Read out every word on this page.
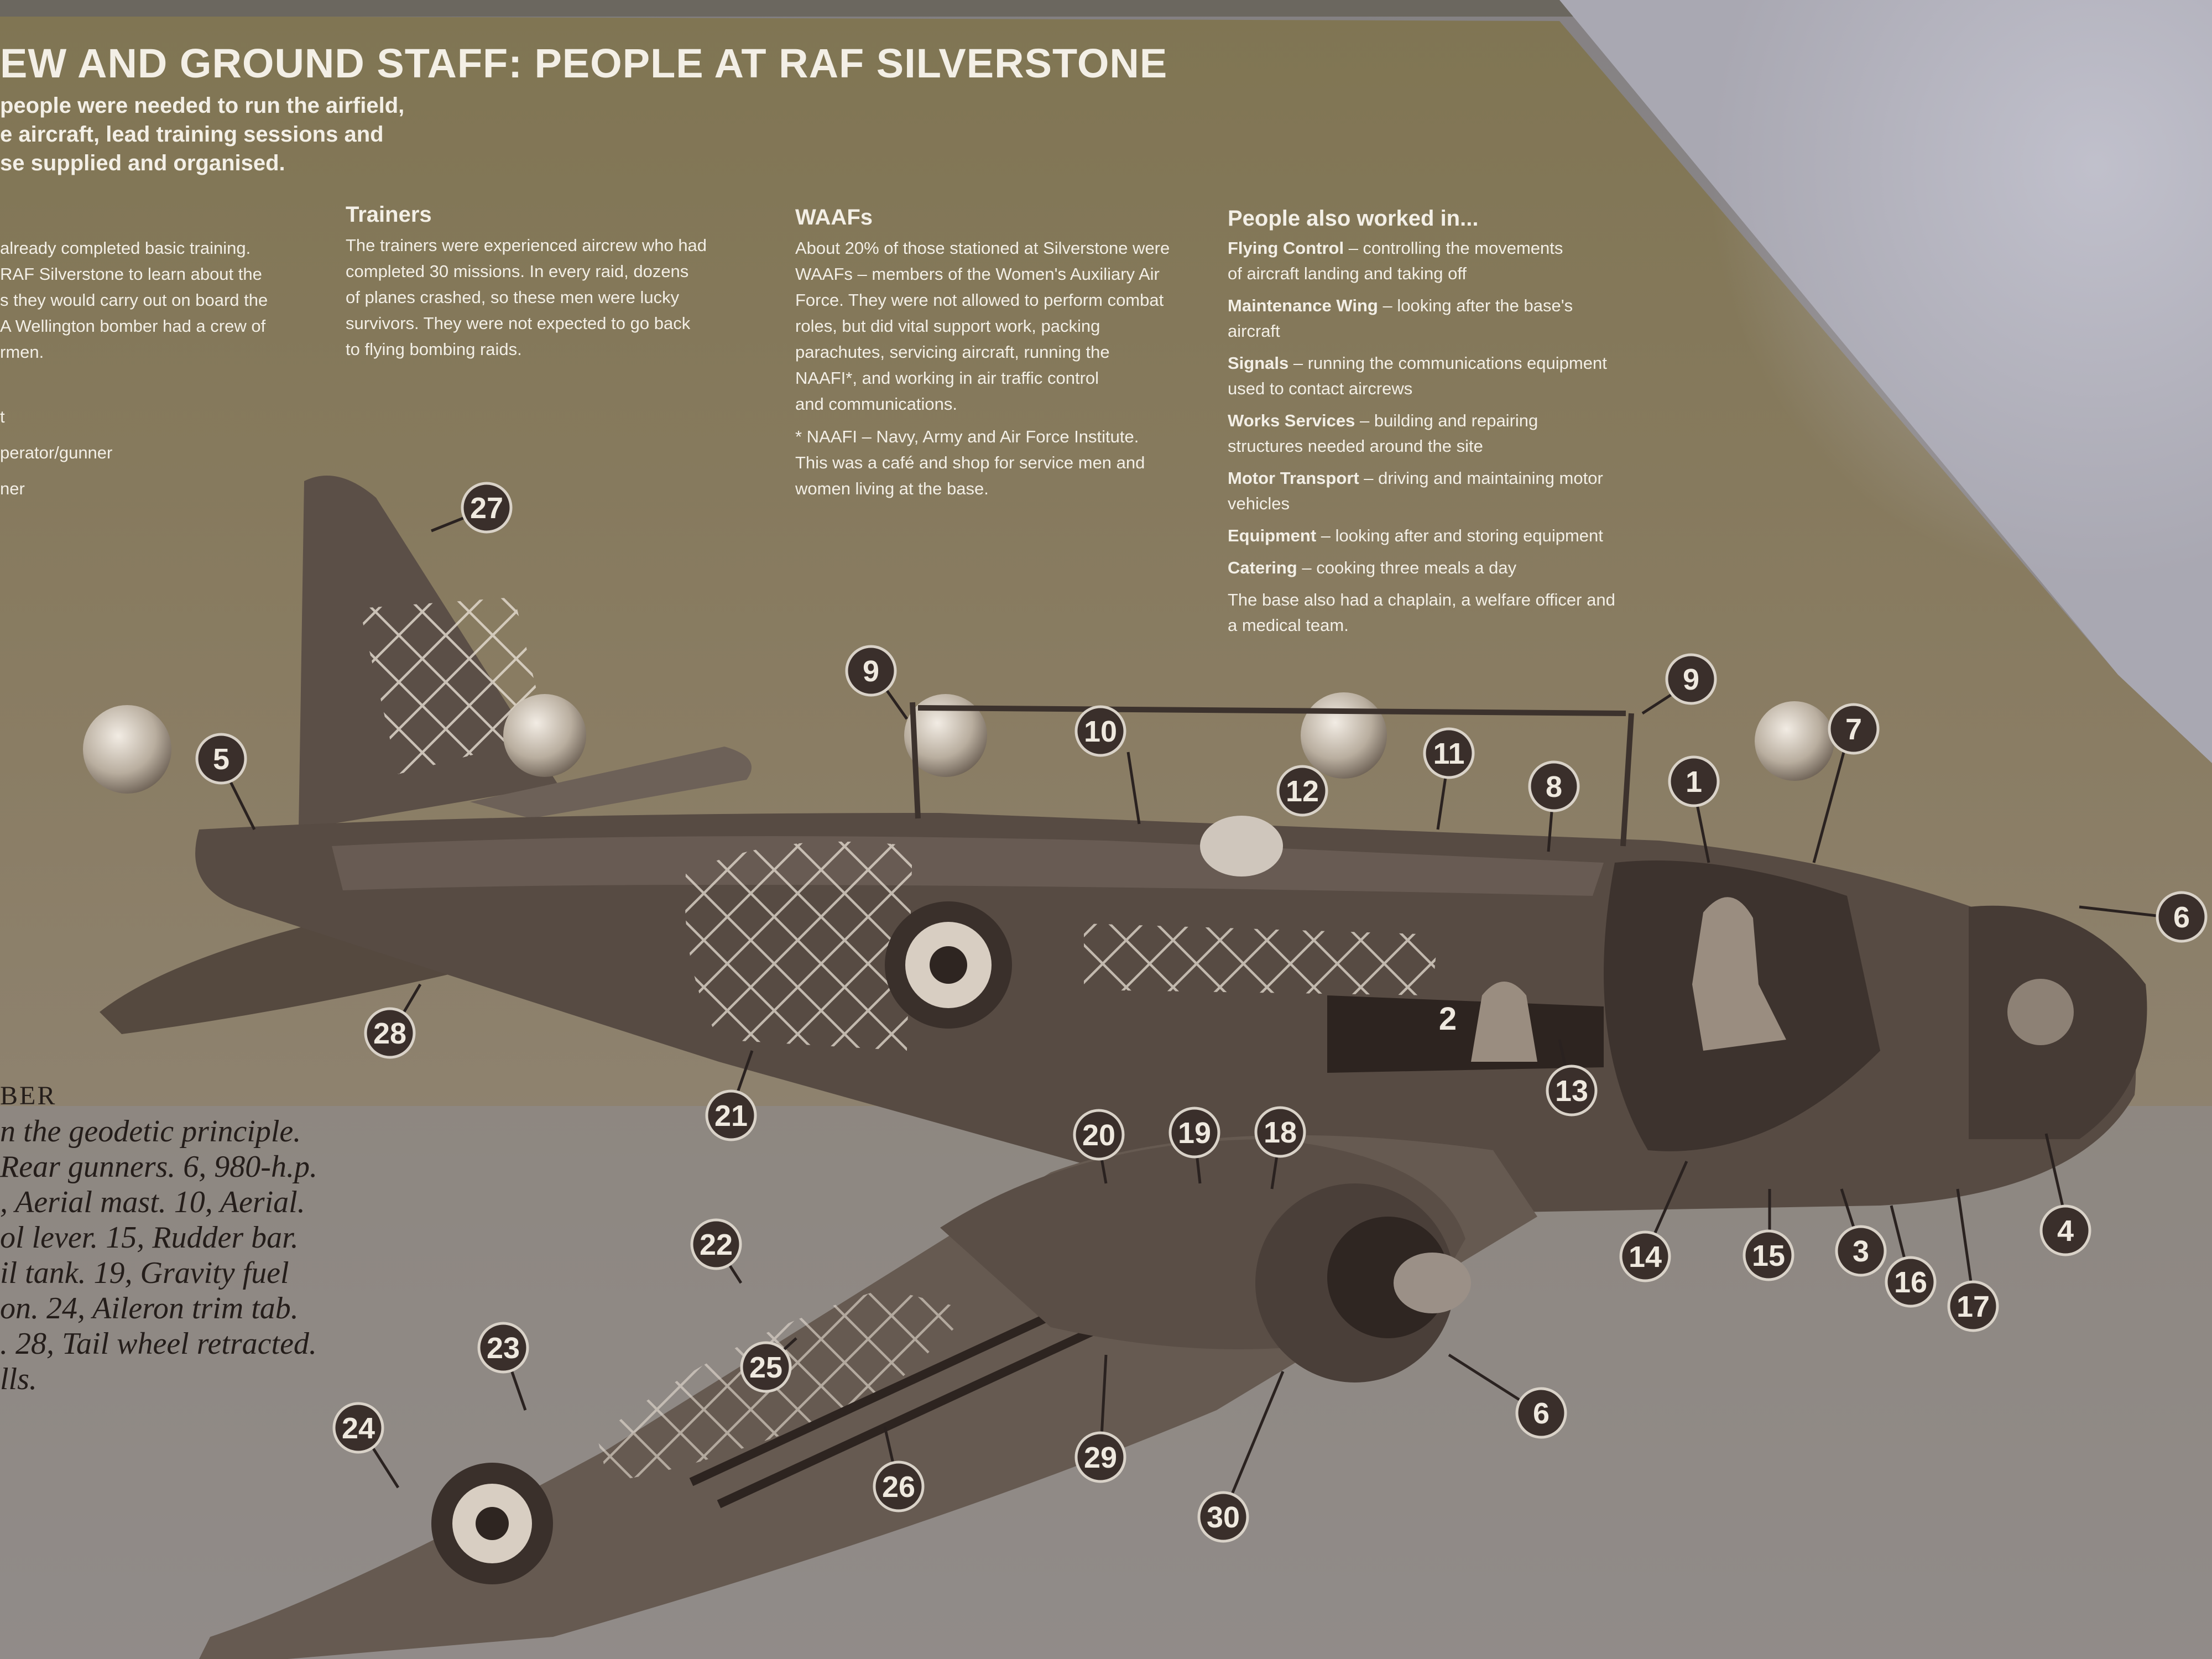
27
5
9
10
11
12	8
9
7
1
6
28	2
13
21
20 19 18
14	15 3
16
4
17
22
23
25
24
26
29
30
6
EW AND GROUND STAFF: PEOPLE AT RAF SILVERSTONE
people were needed to run the airfield,
e aircraft, lead training sessions and
se supplied and organised.
already completed basic training.
RAF Silverstone to learn about the
s they would carry out on board the
A Wellington bomber had a crew of
rmen.
t
perator/gunner
ner
Trainers
The trainers were experienced aircrew who had
completed 30 missions. In every raid, dozens
of planes crashed, so these men were lucky
survivors. They were not expected to go back
to flying bombing raids.
WAAFs
About 20% of those stationed at Silverstone were
WAAFs – members of the Women's Auxiliary Air
Force. They were not allowed to perform combat
roles, but did vital support work, packing
parachutes, servicing aircraft, running the
NAAFI*, and working in air traffic control
and communications.
* NAAFI – Navy, Army and Air Force Institute.
This was a café and shop for service men and
women living at the base.
People also worked in...

Flying Control – controlling the movements
of aircraft landing and taking off

Maintenance Wing – looking after the base's
aircraft

Signals – running the communications equipment
used to contact aircrews

Works Services – building and repairing
structures needed around the site

Motor Transport – driving and maintaining motor
vehicles

Equipment – looking after and storing equipment

Catering – cooking three meals a day

The base also had a chaplain, a welfare officer and
a medical team.
BER
n the geodetic principle.
Rear gunners. 6, 980-h.p.
, Aerial mast. 10, Aerial.
ol lever. 15, Rudder bar.
il tank. 19, Gravity fuel
on. 24, Aileron trim tab.
. 28, Tail wheel retracted.
lls.
